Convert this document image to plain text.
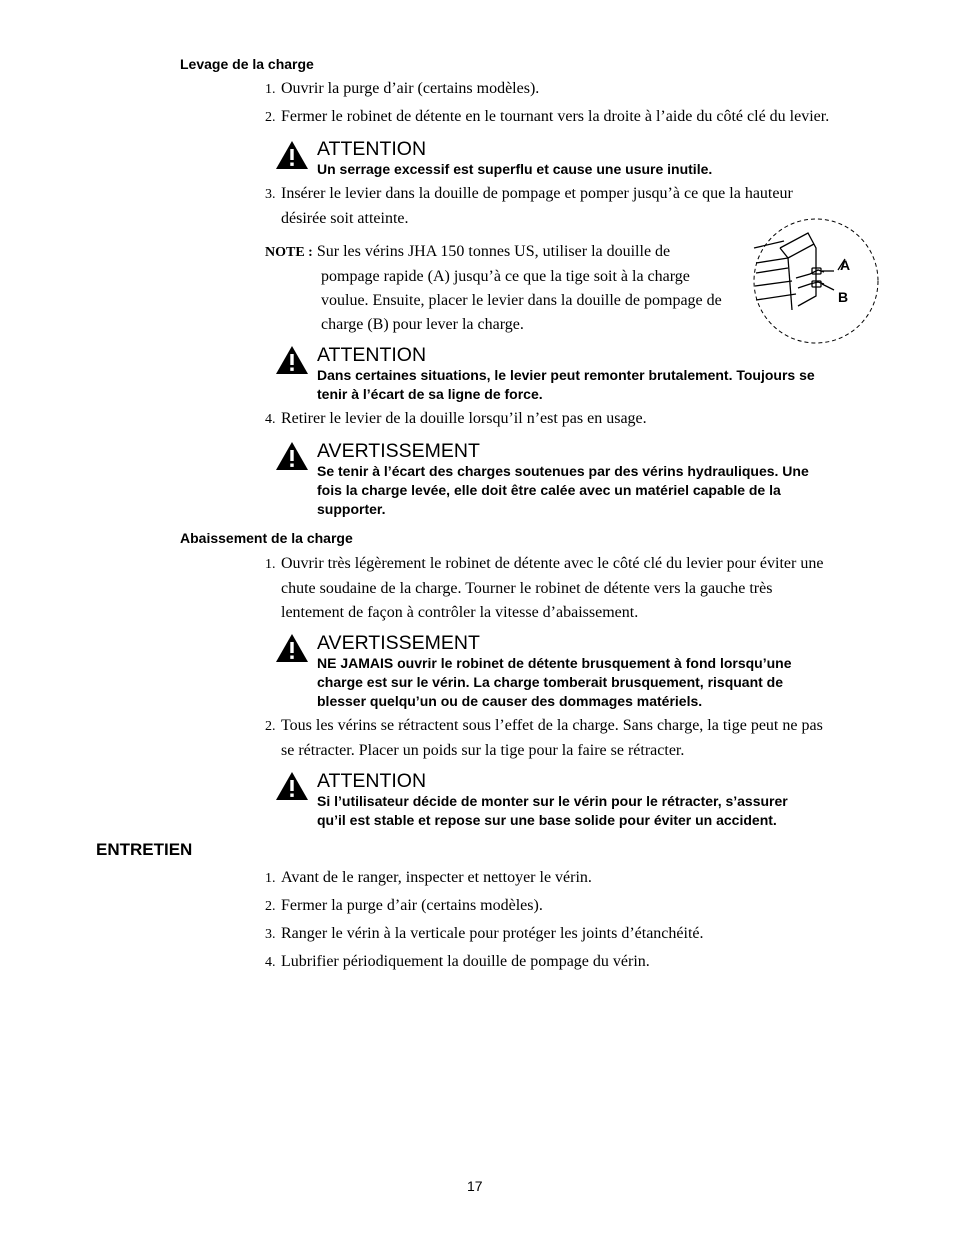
Levage de la charge
1. Ouvrir la purge d’air (certains modèles).
2. Fermer le robinet de détente en le tournant vers la droite à l’aide du côté clé du levier.
ATTENTION
Un serrage excessif est superflu et cause une usure inutile.
3. Insérer le levier dans la douille de pompage et pomper jusqu’à ce que la hauteur
désirée soit atteinte.
NOTE : Sur les vérins JHA 150 tonnes US, utiliser la douille de
pompage rapide (A) jusqu’à ce que la tige soit à la charge
voulue. Ensuite, placer le levier dans la douille de pompage de
charge (B) pour lever la charge.
A
B
ATTENTION
Dans certaines situations, le levier peut remonter brutalement. Toujours se
tenir à l’écart de sa ligne de force.
4. Retirer le levier de la douille lorsqu’il n’est pas en usage.
AVERTISSEMENT
Se tenir à l’écart des charges soutenues par des vérins hydrauliques. Une
fois la charge levée, elle doit être calée avec un matériel capable de la
supporter.
Abaissement de la charge
1. Ouvrir très légèrement le robinet de détente avec le côté clé du levier pour éviter une
chute soudaine de la charge. Tourner le robinet de détente vers la gauche très
lentement de façon à contrôler la vitesse d’abaissement.
AVERTISSEMENT
NE JAMAIS ouvrir le robinet de détente brusquement à fond lorsqu’une
charge est sur le vérin. La charge tomberait brusquement, risquant de
blesser quelqu’un ou de causer des dommages matériels.
2. Tous les vérins se rétractent sous l’effet de la charge. Sans charge, la tige peut ne pas
se rétracter. Placer un poids sur la tige pour la faire se rétracter.
ATTENTION
Si l’utilisateur décide de monter sur le vérin pour le rétracter, s’assurer
qu’il est stable et repose sur une base solide pour éviter un accident.
ENTRETIEN
1. Avant de le ranger, inspecter et nettoyer le vérin.
2. Fermer la purge d’air (certains modèles).
3. Ranger le vérin à la verticale pour protéger les joints d’étanchéité.
4. Lubrifier périodiquement la douille de pompage du vérin.
17
